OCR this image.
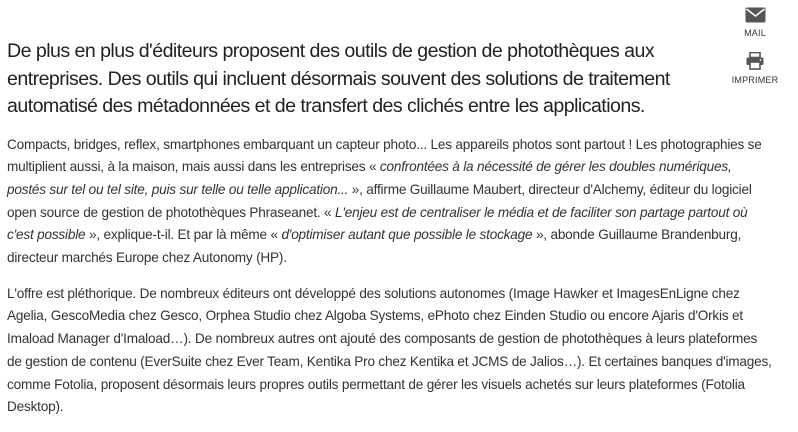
MAIL
IMPRIMER

De plus en plus d'éditeurs proposent des outils de gestion de photothèques aux entreprises. Des outils qui incluent désormais souvent des solutions de traitement automatisé des métadonnées et de transfert des clichés entre les applications.

Compacts, bridges, reflex, smartphones embarquant un capteur photo... Les appareils photos sont partout ! Les photographies se multiplient aussi, à la maison, mais aussi dans les entreprises « confrontées à la nécessité de gérer les doubles numériques, postés sur tel ou tel site, puis sur telle ou telle application... », affirme Guillaume Maubert, directeur d'Alchemy, éditeur du logiciel open source de gestion de photothèques Phraseanet. « L'enjeu est de centraliser le média et de faciliter son partage partout où c'est possible », explique-t-il. Et par là même « d'optimiser autant que possible le stockage », abonde Guillaume Brandenburg, directeur marchés Europe chez Autonomy (HP).

L'offre est pléthorique. De nombreux éditeurs ont développé des solutions autonomes (Image Hawker et ImagesEnLigne chez Agelia, GescoMedia chez Gesco, Orphea Studio chez Algoba Systems, ePhoto chez Einden Studio ou encore Ajaris d'Orkis et Imaload Manager d'Imaload…). De nombreux autres ont ajouté des composants de gestion de photothèques à leurs plateformes de gestion de contenu (EverSuite chez Ever Team, Kentika Pro chez Kentika et JCMS de Jalios…). Et certaines banques d'images, comme Fotolia, proposent désormais leurs propres outils permettant de gérer les visuels achetés sur leurs plateformes (Fotolia Desktop).
